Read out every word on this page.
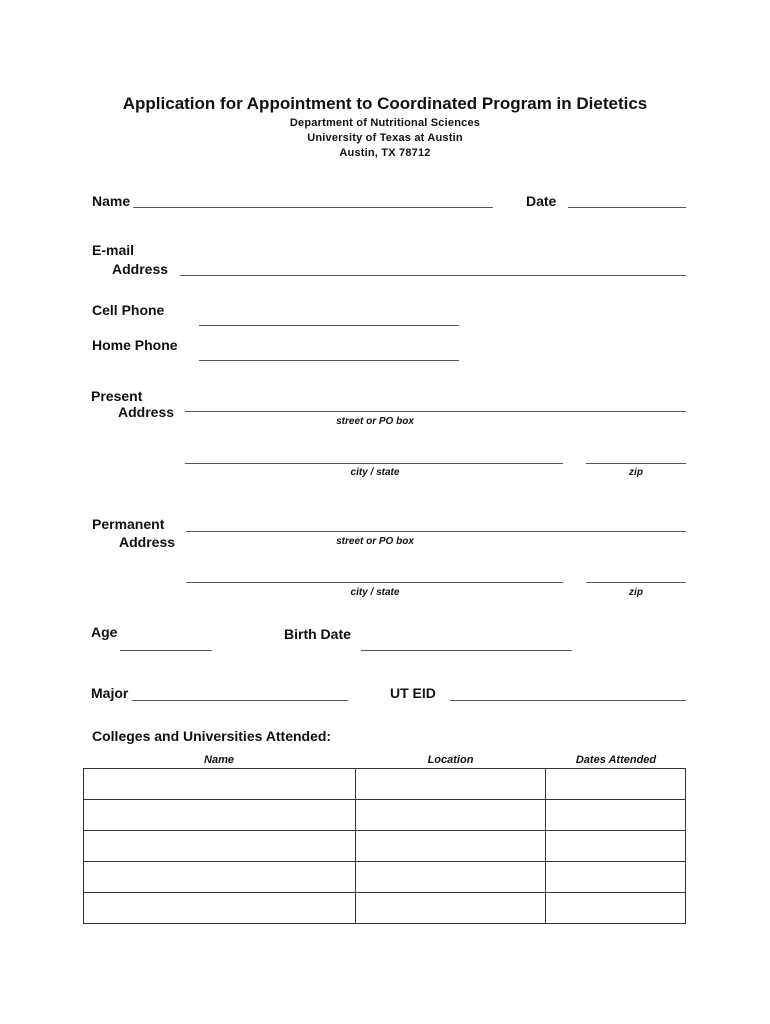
Application for Appointment to Coordinated Program in Dietetics
Department of Nutritional Sciences
University of Texas at Austin
Austin, TX 78712
Name	Date
E-mail
Address
Cell Phone
Home Phone
Present
Address
street or PO box
city / state	zip
Permanent
Address	street or PO box
city / state	zip
Age	Birth Date
Major	UT EID
Colleges and Universities Attended:
Name	Location	Dates Attended
